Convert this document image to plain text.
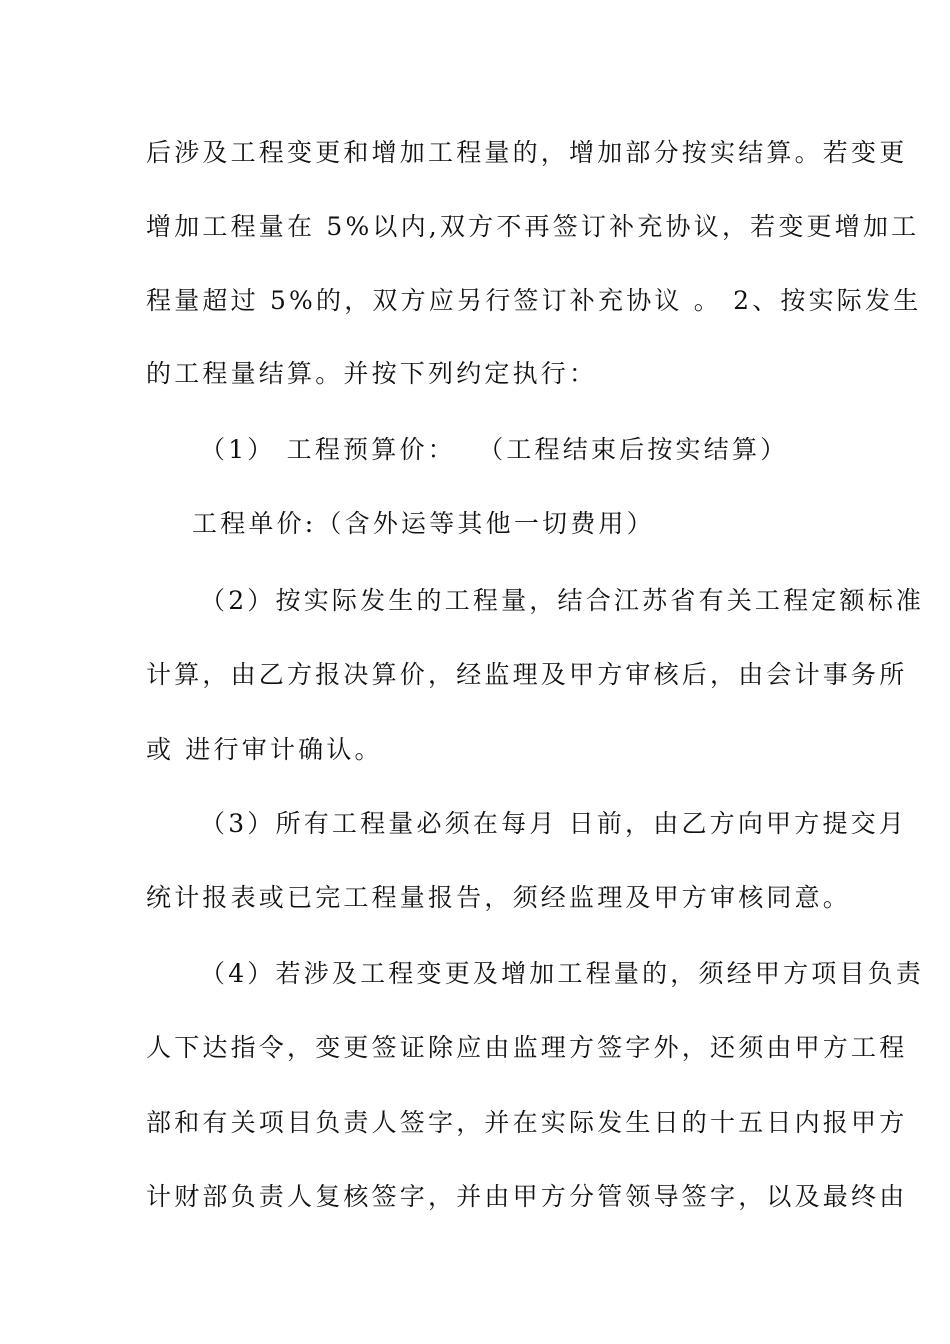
后涉及工程变更和增加工程量的，增加部分按实结算。若变更
增加工程量在 5%以内,双方不再签订补充协议，若变更增加工
程量超过 5%的，双方应另行签订补充协议 。 2、按实际发生
的工程量结算。并按下列约定执行：
（1） 工程预算价：  （工程结束后按实结算）
工程单价:（含外运等其他一切费用）
（2）按实际发生的工程量，结合江苏省有关工程定额标准
计算，由乙方报决算价，经监理及甲方审核后，由会计事务所
或 进行审计确认。
（3）所有工程量必须在每月 日前，由乙方向甲方提交月
统计报表或已完工程量报告，须经监理及甲方审核同意。
（4）若涉及工程变更及增加工程量的，须经甲方项目负责
人下达指令，变更签证除应由监理方签字外，还须由甲方工程
部和有关项目负责人签字，并在实际发生日的十五日内报甲方
计财部负责人复核签字，并由甲方分管领导签字，以及最终由
